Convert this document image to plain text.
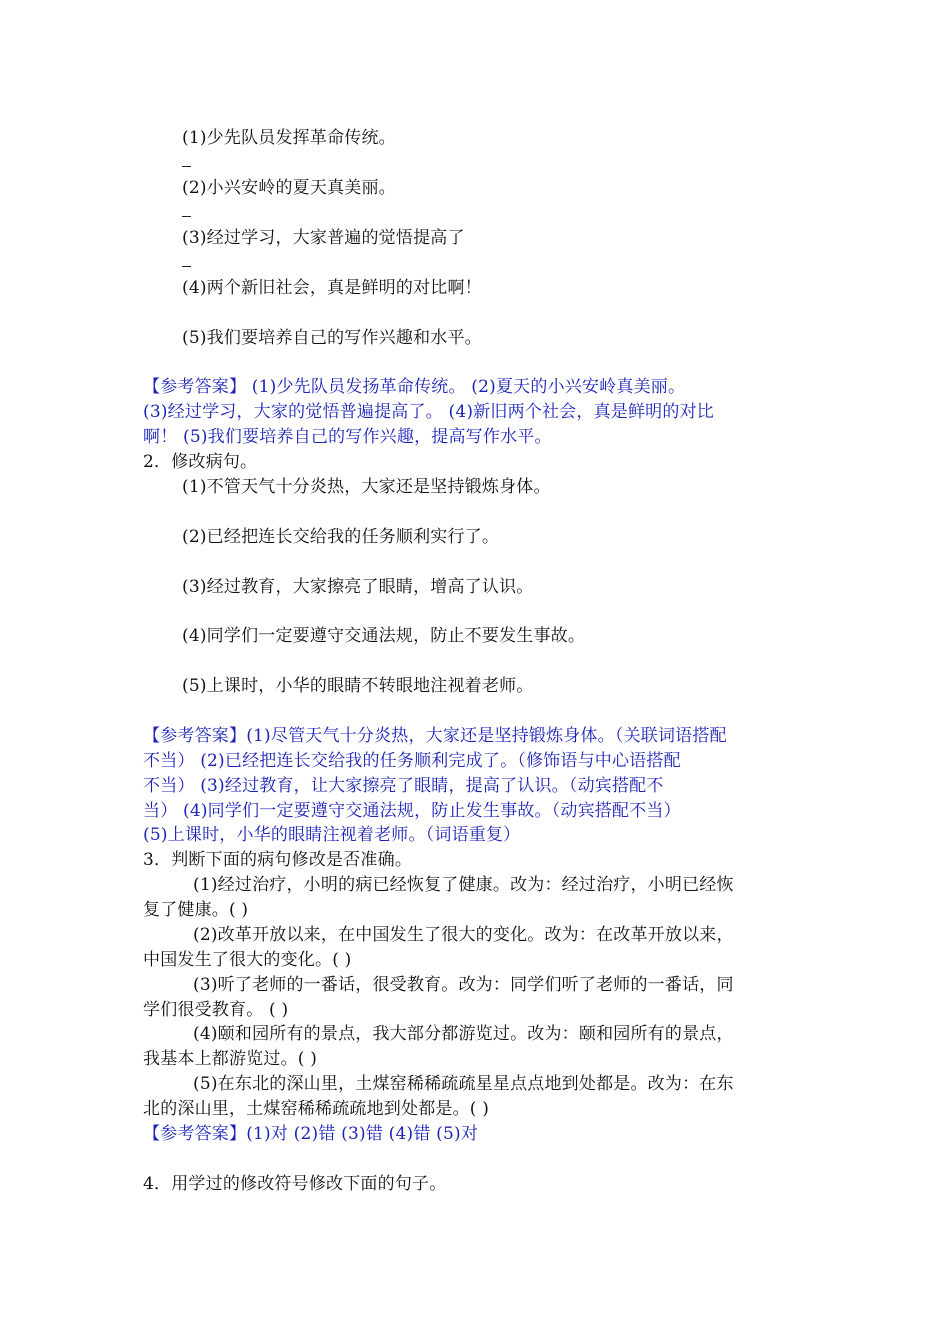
(1)少先队员发挥革命传统。
(2)小兴安岭的夏天真美丽。
(3)经过学习，大家普遍的觉悟提高了
(4)两个新旧社会，真是鲜明的对比啊！
(5)我们要培养自己的写作兴趣和水平。
【参考答案】 (1)少先队员发扬革命传统。 (2)夏天的小兴安岭真美丽。
(3)经过学习，大家的觉悟普遍提高了。 (4)新旧两个社会，真是鲜明的对比
啊！ (5)我们要培养自己的写作兴趣，提高写作水平。
2．修改病句。
(1)不管天气十分炎热，大家还是坚持锻炼身体。
(2)已经把连长交给我的任务顺利实行了。
(3)经过教育，大家擦亮了眼睛，增高了认识。
(4)同学们一定要遵守交通法规，防止不要发生事故。
(5)上课时，小华的眼睛不转眼地注视着老师。
【参考答案】(1)尽管天气十分炎热，大家还是坚持锻炼身体。（关联词语搭配
不当） (2)已经把连长交给我的任务顺利完成了。（修饰语与中心语搭配
不当） (3)经过教育，让大家擦亮了眼睛，提高了认识。（动宾搭配不
当） (4)同学们一定要遵守交通法规，防止发生事故。（动宾搭配不当）
(5)上课时，小华的眼睛注视着老师。（词语重复）
3．判断下面的病句修改是否准确。
(1)经过治疗，小明的病已经恢复了健康。改为：经过治疗，小明已经恢
复了健康。( )
(2)改革开放以来，在中国发生了很大的变化。改为：在改革开放以来，
中国发生了很大的变化。( )
(3)听了老师的一番话，很受教育。改为：同学们听了老师的一番话，同
学们很受教育。 ( )
(4)颐和园所有的景点，我大部分都游览过。改为：颐和园所有的景点，
我基本上都游览过。( )
(5)在东北的深山里，土煤窑稀稀疏疏星星点点地到处都是。改为：在东
北的深山里，土煤窑稀稀疏疏地到处都是。( )
【参考答案】(1)对 (2)错 (3)错 (4)错 (5)对
4．用学过的修改符号修改下面的句子。
